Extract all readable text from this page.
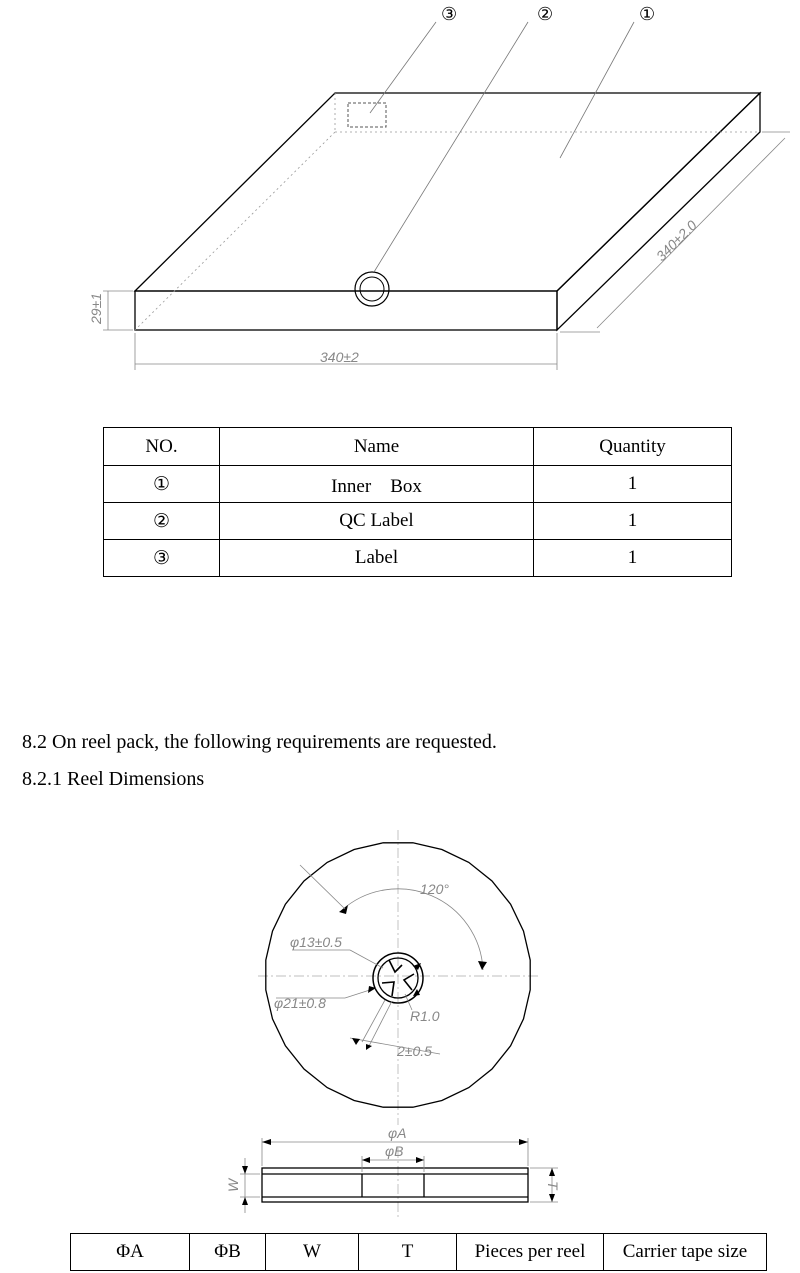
③	②	①
29±1
340±2
340±2.0
NO.	Name	Quantity
①	Inner　Box	1
②	QC Label	1
③	Label	1
8.2 On reel pack, the following requirements are requested.
8.2.1 Reel Dimensions
120°
φ13±0.5
φ21±0.8
R1.0
2±0.5
φA
φB
W	T
ΦA	ΦB	W	T	Pieces per reel	Carrier tape size
